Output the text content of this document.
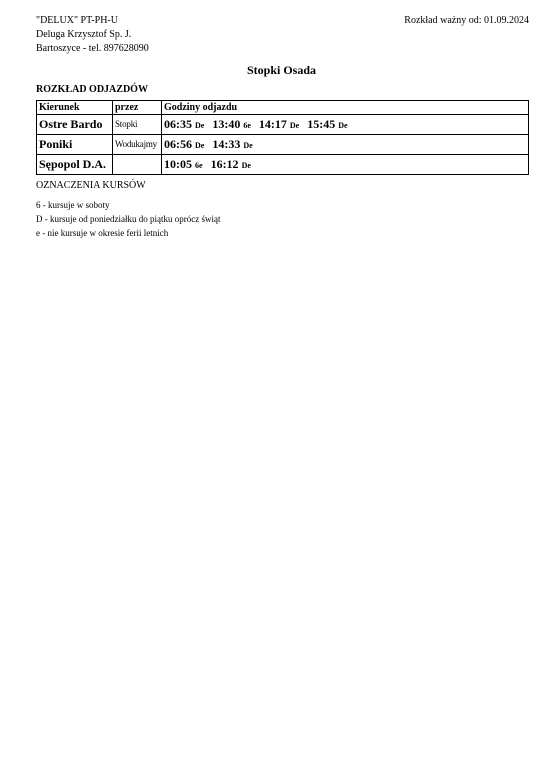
"DELUX" PT-PH-U
Deluga Krzysztof Sp. J.
Bartoszyce - tel. 897628090
Rozkład ważny od: 01.09.2024
Stopki Osada
ROZKŁAD ODJAZDÓW
Kierunek	przez	Godziny odjazdu
Ostre Bardo	Stopki	06:35 De 13:40 6e 14:17 De 15:45 De
Poniki	Wodukajmy	06:56 De 14:33 De
Sępopol D.A.		10:05 6e 16:12 De
OZNACZENIA KURSÓW
6 - kursuje w soboty
D - kursuje od poniedziałku do piątku oprócz świąt
e - nie kursuje w okresie ferii letnich
